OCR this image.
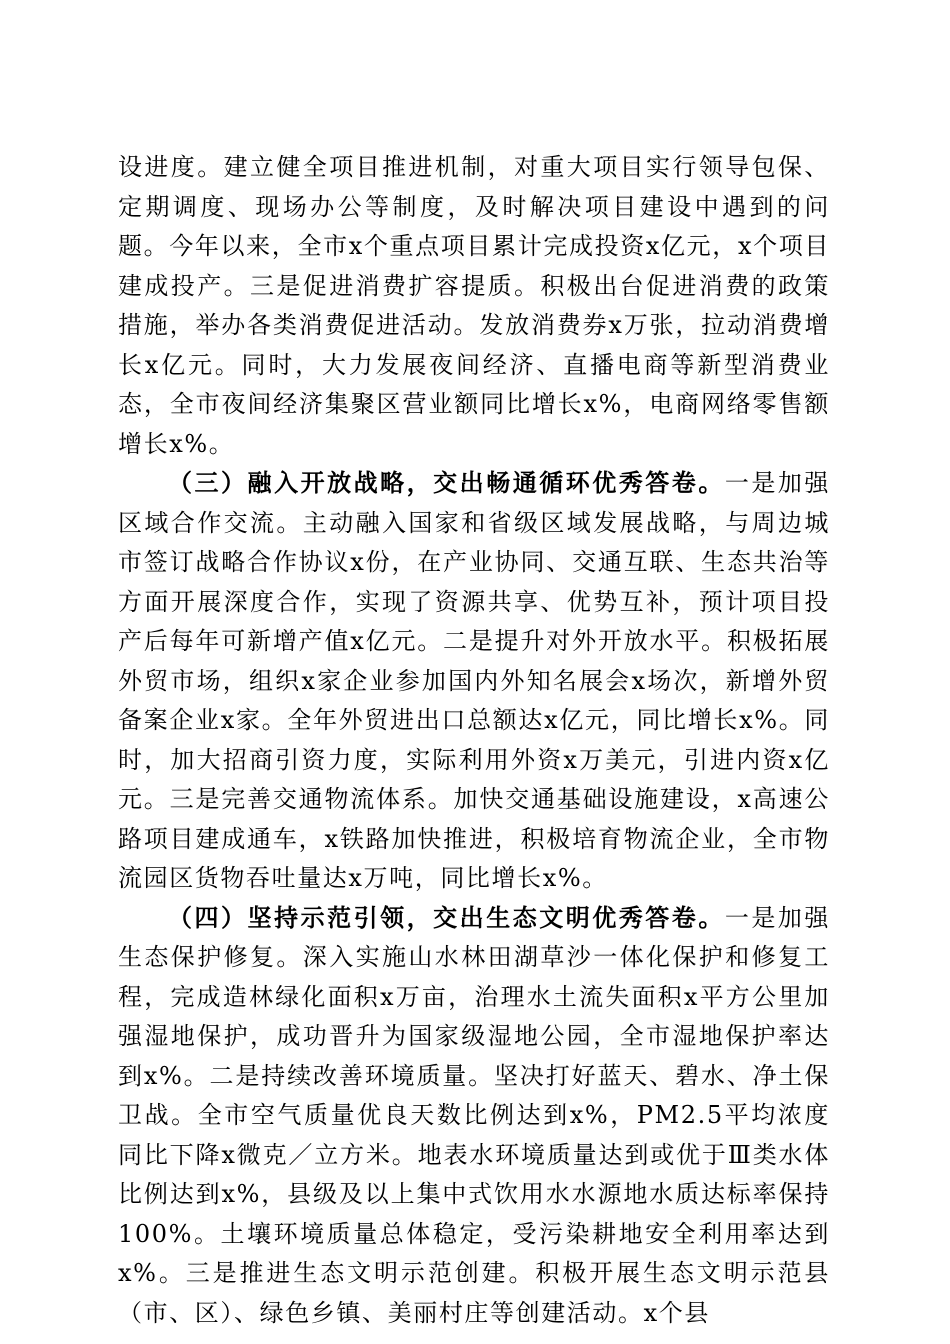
设进度。建立健全项目推进机制，对重大项目实行领导包保、定期调度、现场办公等制度，及时解决项目建设中遇到的问题。今年以来，全市x个重点项目累计完成投资x亿元，x个项目建成投产。三是促进消费扩容提质。积极出台促进消费的政策措施，举办各类消费促进活动。发放消费券x万张，拉动消费增长x亿元。同时，大力发展夜间经济、直播电商等新型消费业态，全市夜间经济集聚区营业额同比增长x%，电商网络零售额增长x%。

（三）融入开放战略，交出畅通循环优秀答卷。一是加强区域合作交流。主动融入国家和省级区域发展战略，与周边城市签订战略合作协议x份，在产业协同、交通互联、生态共治等方面开展深度合作，实现了资源共享、优势互补，预计项目投产后每年可新增产值x亿元。二是提升对外开放水平。积极拓展外贸市场，组织x家企业参加国内外知名展会x场次，新增外贸备案企业x家。全年外贸进出口总额达x亿元，同比增长x%。同时，加大招商引资力度，实际利用外资x万美元，引进内资x亿元。三是完善交通物流体系。加快交通基础设施建设，x高速公路项目建成通车，x铁路加快推进，积极培育物流企业，全市物流园区货物吞吐量达x万吨，同比增长x%。

（四）坚持示范引领，交出生态文明优秀答卷。一是加强生态保护修复。深入实施山水林田湖草沙一体化保护和修复工程，完成造林绿化面积x万亩，治理水土流失面积x平方公里加强湿地保护，成功晋升为国家级湿地公园，全市湿地保护率达到x%。二是持续改善环境质量。坚决打好蓝天、碧水、净土保卫战。全市空气质量优良天数比例达到x%，PM2.5平均浓度同比下降x微克／立方米。地表水环境质量达到或优于Ⅲ类水体比例达到x%，县级及以上集中式饮用水水源地水质达标率保持100%。土壤环境质量总体稳定，受污染耕地安全利用率达到x%。三是推进生态文明示范创建。积极开展生态文明示范县（市、区）、绿色乡镇、美丽村庄等创建活动。x个县
